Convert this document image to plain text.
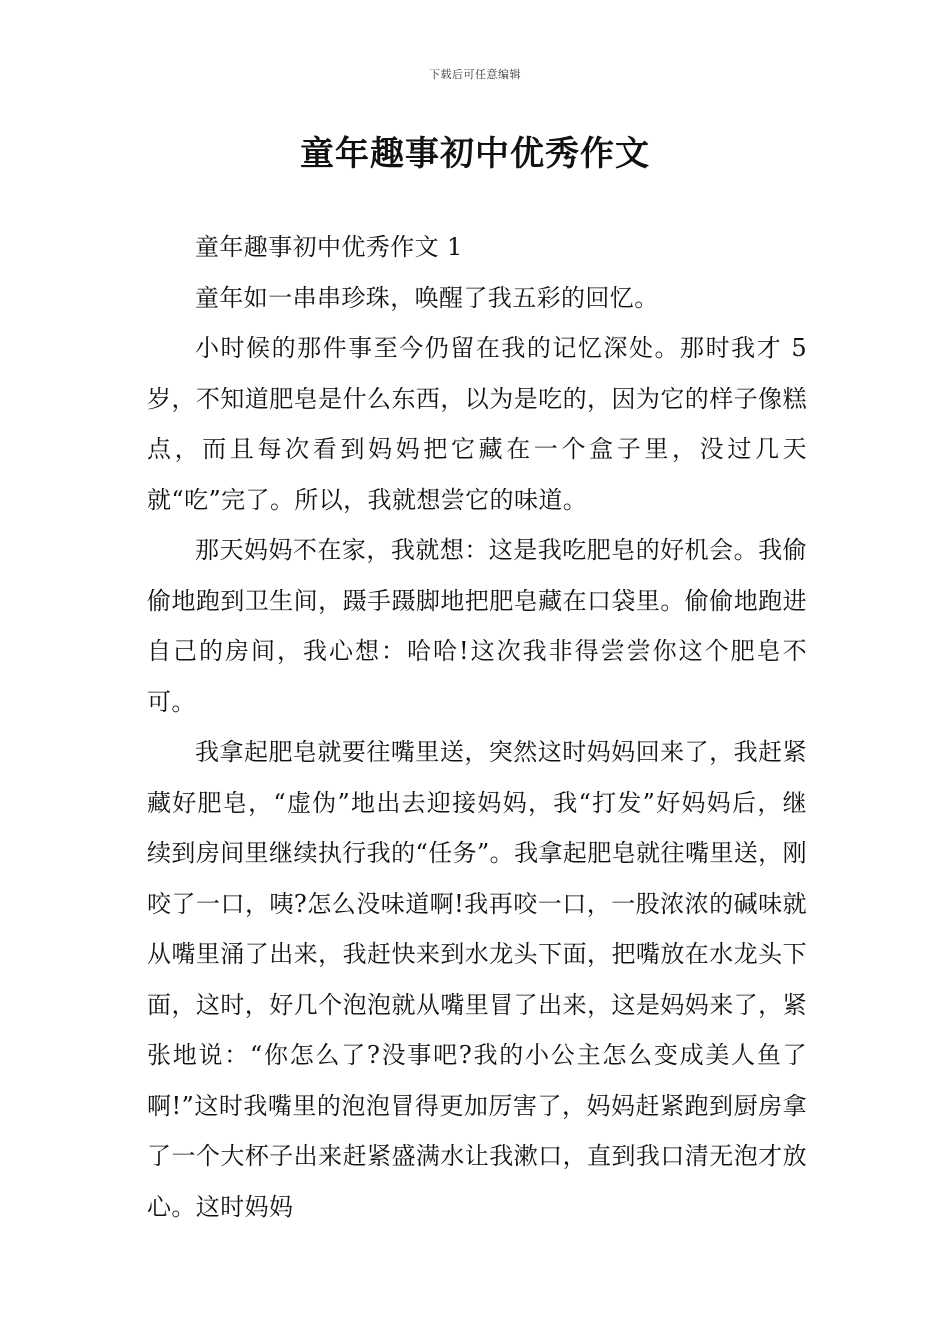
下载后可任意编辑
童年趣事初中优秀作文

童年趣事初中优秀作文 1

童年如一串串珍珠，唤醒了我五彩的回忆。

小时候的那件事至今仍留在我的记忆深处。那时我才 5 岁，不知道肥皂是什么东西，以为是吃的，因为它的样子像糕点，而且每次看到妈妈把它藏在一个盒子里，没过几天就“吃”完了。所以，我就想尝它的味道。

那天妈妈不在家，我就想：这是我吃肥皂的好机会。我偷偷地跑到卫生间，蹑手蹑脚地把肥皂藏在口袋里。偷偷地跑进自己的房间，我心想：哈哈!这次我非得尝尝你这个肥皂不可。

我拿起肥皂就要往嘴里送，突然这时妈妈回来了，我赶紧藏好肥皂，“虚伪”地出去迎接妈妈，我“打发”好妈妈后，继续到房间里继续执行我的“任务”。我拿起肥皂就往嘴里送，刚咬了一口，咦?怎么没味道啊!我再咬一口，一股浓浓的碱味就从嘴里涌了出来，我赶快来到水龙头下面，把嘴放在水龙头下面，这时，好几个泡泡就从嘴里冒了出来，这是妈妈来了，紧张地说：“你怎么了?没事吧?我的小公主怎么变成美人鱼了啊!”这时我嘴里的泡泡冒得更加厉害了，妈妈赶紧跑到厨房拿了一个大杯子出来赶紧盛满水让我漱口，直到我口清无泡才放心。这时妈妈
